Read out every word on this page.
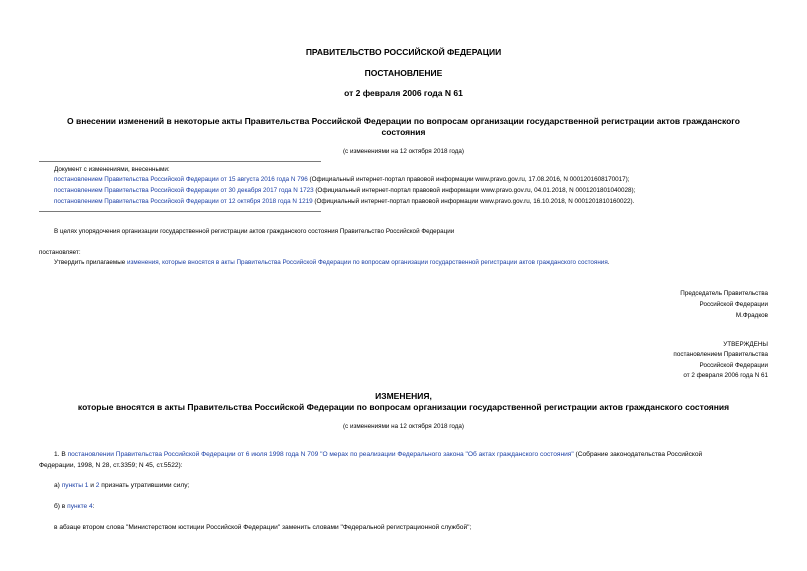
ПРАВИТЕЛЬСТВО РОССИЙСКОЙ ФЕДЕРАЦИИ
ПОСТАНОВЛЕНИЕ
от 2 февраля 2006 года N 61
О внесении изменений в некоторые акты Правительства Российской Федерации по вопросам организации государственной регистрации актов гражданского
состояния
(с изменениями на 12 октября 2018 года)
Документ с изменениями, внесенными:
постановлением Правительства Российской Федерации от 15 августа 2016 года N 796 (Официальный интернет-портал правовой информации www.pravo.gov.ru, 17.08.2016, N 0001201608170017);
постановлением Правительства Российской Федерации от 30 декабря 2017 года N 1723 (Официальный интернет-портал правовой информации www.pravo.gov.ru, 04.01.2018, N 0001201801040028);
постановлением Правительства Российской Федерации от 12 октября 2018 года N 1219 (Официальный интернет-портал правовой информации www.pravo.gov.ru, 16.10.2018, N 0001201810160022).
В целях упорядочения организации государственной регистрации актов гражданского состояния Правительство Российской Федерации
постановляет:
Утвердить прилагаемые изменения, которые вносятся в акты Правительства Российской Федерации по вопросам организации государственной регистрации актов гражданского состояния.
Председатель Правительства
Российской Федерации
М.Фрадков
УТВЕРЖДЕНЫ
постановлением Правительства
Российской Федерации
от 2 февраля 2006 года N 61
ИЗМЕНЕНИЯ,
которые вносятся в акты Правительства Российской Федерации по вопросам организации государственной регистрации актов гражданского состояния
(с изменениями на 12 октября 2018 года)
1. В постановлении Правительства Российской Федерации от 6 июля 1998 года N 709 "О мерах по реализации Федерального закона "Об актах гражданского состояния" (Собрание законодательства Российской
Федерации, 1998, N 28, ст.3359; N 45, ст.5522):
а) пункты 1 и 2 признать утратившими силу;
б) в пункте 4:
в абзаце втором слова "Министерством юстиции Российской Федерации" заменить словами "Федеральной регистрационной службой";
